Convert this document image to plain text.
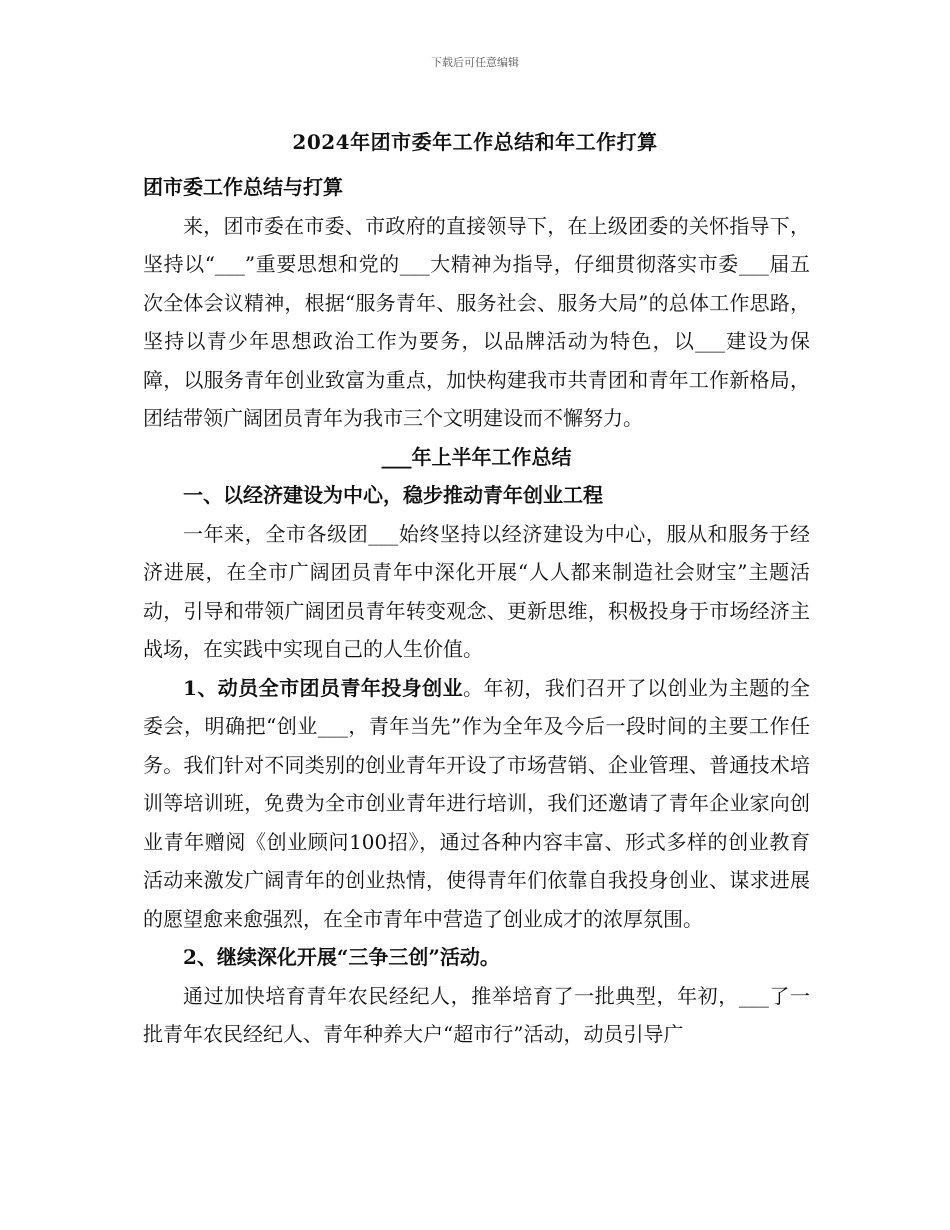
下载后可任意编辑
2024年团市委年工作总结和年工作打算

团市委工作总结与打算

来，团市委在市委、市政府的直接领导下，在上级团委的关怀指导下，坚持以“___”重要思想和党的___大精神为指导，仔细贯彻落实市委___届五次全体会议精神，根据“服务青年、服务社会、服务大局”的总体工作思路，坚持以青少年思想政治工作为要务，以品牌活动为特色，以___建设为保障，以服务青年创业致富为重点，加快构建我市共青团和青年工作新格局，团结带领广阔团员青年为我市三个文明建设而不懈努力。

___年上半年工作总结

一、以经济建设为中心，稳步推动青年创业工程

一年来，全市各级团___始终坚持以经济建设为中心，服从和服务于经济进展，在全市广阔团员青年中深化开展“人人都来制造社会财宝”主题活动，引导和带领广阔团员青年转变观念、更新思维，积极投身于市场经济主战场，在实践中实现自己的人生价值。

1、动员全市团员青年投身创业。年初，我们召开了以创业为主题的全委会，明确把“创业___，青年当先”作为全年及今后一段时间的主要工作任务。我们针对不同类别的创业青年开设了市场营销、企业管理、普通技术培训等培训班，免费为全市创业青年进行培训，我们还邀请了青年企业家向创业青年赠阅《创业顾问100招》，通过各种内容丰富、形式多样的创业教育活动来激发广阔青年的创业热情，使得青年们依靠自我投身创业、谋求进展的愿望愈来愈强烈，在全市青年中营造了创业成才的浓厚氛围。

2、继续深化开展“三争三创”活动。

通过加快培育青年农民经纪人，推举培育了一批典型，年初，___了一批青年农民经纪人、青年种养大户“超市行”活动，动员引导广
